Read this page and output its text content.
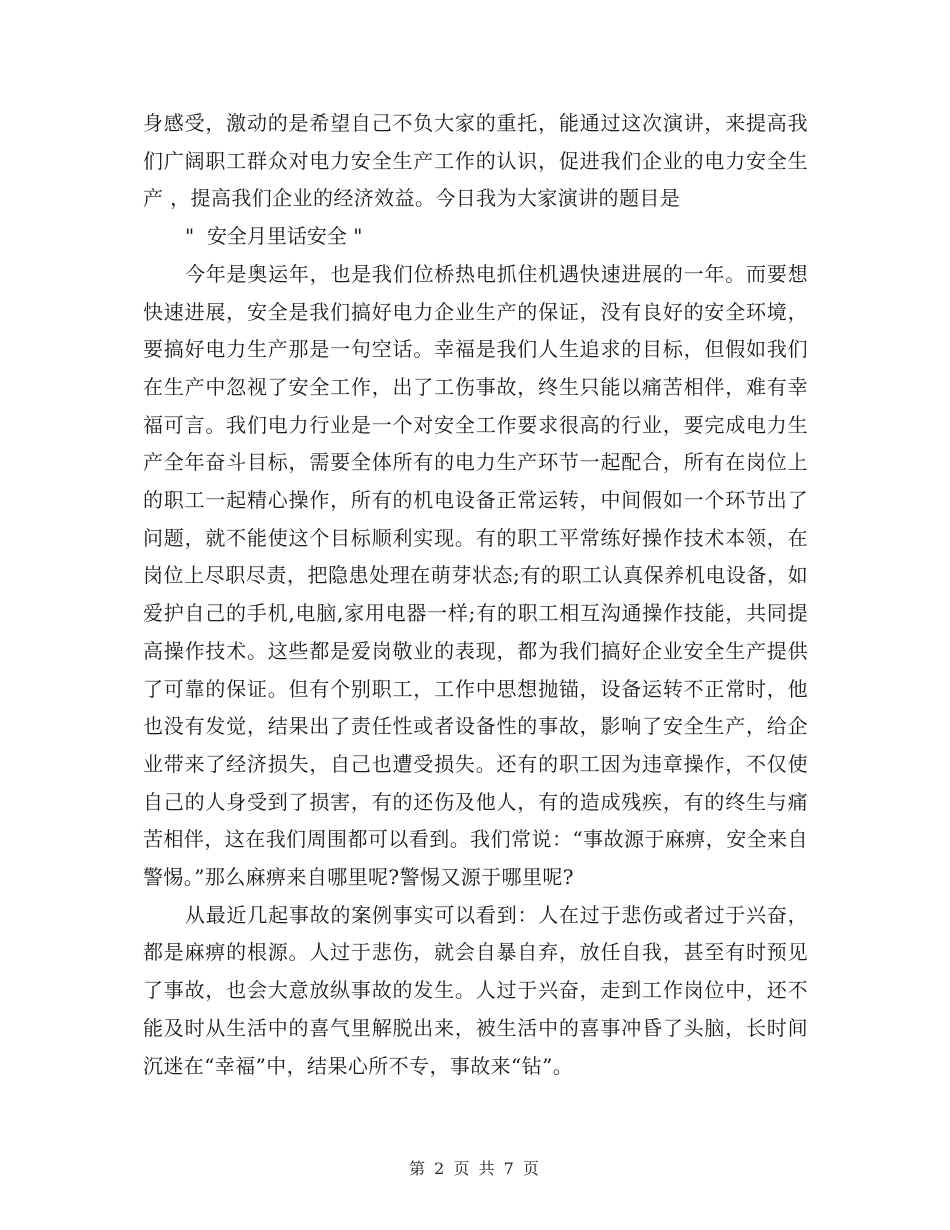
身感受，激动的是希望自己不负大家的重托，能通过这次演讲，来提高我们广阔职工群众对电力安全生产工作的认识，促进我们企业的电力安全生产 ，提高我们企业的经济效益。今日我为大家演讲的题目是

"  安全月里话安全 "

今年是奥运年，也是我们位桥热电抓住机遇快速进展的一年。而要想快速进展，安全是我们搞好电力企业生产的保证，没有良好的安全环境，要搞好电力生产那是一句空话。幸福是我们人生追求的目标，但假如我们在生产中忽视了安全工作，出了工伤事故，终生只能以痛苦相伴，难有幸福可言。我们电力行业是一个对安全工作要求很高的行业，要完成电力生产全年奋斗目标，需要全体所有的电力生产环节一起配合，所有在岗位上的职工一起精心操作，所有的机电设备正常运转，中间假如一个环节出了问题，就不能使这个目标顺利实现。有的职工平常练好操作技术本领，在岗位上尽职尽责，把隐患处理在萌芽状态;有的职工认真保养机电设备，如爱护自己的手机,电脑,家用电器一样;有的职工相互沟通操作技能，共同提高操作技术。这些都是爱岗敬业的表现，都为我们搞好企业安全生产提供了可靠的保证。但有个别职工，工作中思想抛锚，设备运转不正常时，他也没有发觉，结果出了责任性或者设备性的事故，影响了安全生产，给企业带来了经济损失，自己也遭受损失。还有的职工因为违章操作，不仅使自己的人身受到了损害，有的还伤及他人，有的造成残疾，有的终生与痛苦相伴，这在我们周围都可以看到。我们常说：“事故源于麻痹，安全来自警惕。”那么麻痹来自哪里呢?警惕又源于哪里呢?

从最近几起事故的案例事实可以看到：人在过于悲伤或者过于兴奋，都是麻痹的根源。人过于悲伤，就会自暴自弃，放任自我，甚至有时预见了事故，也会大意放纵事故的发生。人过于兴奋，走到工作岗位中，还不能及时从生活中的喜气里解脱出来，被生活中的喜事冲昏了头脑，长时间沉迷在“幸福”中，结果心所不专，事故来“钻”。

第 2 页 共 7 页
